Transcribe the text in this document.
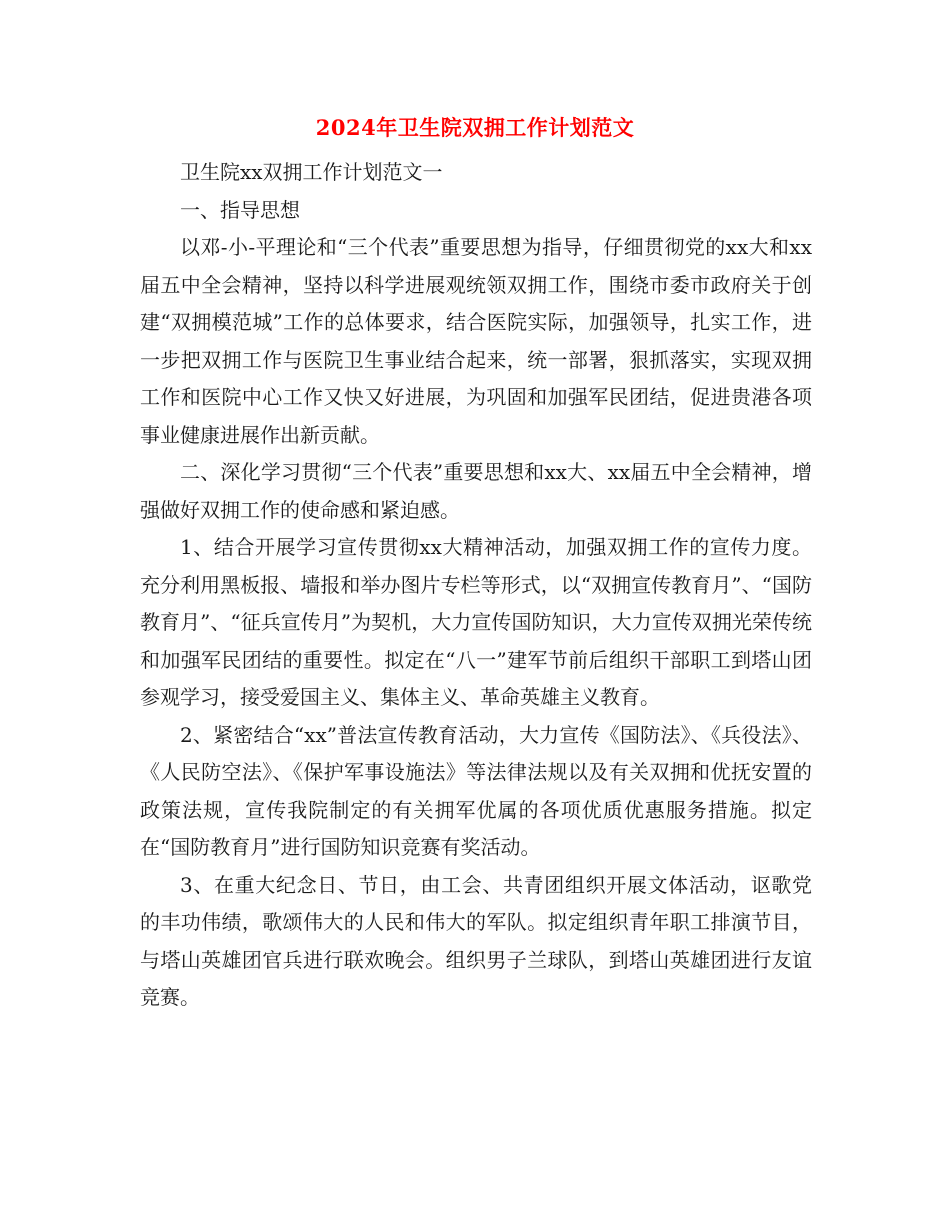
2024年卫生院双拥工作计划范文

卫生院xx双拥工作计划范文一

一、指导思想

以邓-小-平理论和“三个代表”重要思想为指导，仔细贯彻党的xx大和xx届五中全会精神，坚持以科学进展观统领双拥工作，围绕市委市政府关于创建“双拥模范城”工作的总体要求，结合医院实际，加强领导，扎实工作，进一步把双拥工作与医院卫生事业结合起来，统一部署，狠抓落实，实现双拥工作和医院中心工作又快又好进展，为巩固和加强军民团结，促进贵港各项事业健康进展作出新贡献。

二、深化学习贯彻“三个代表”重要思想和xx大、xx届五中全会精神，增强做好双拥工作的使命感和紧迫感。

1、结合开展学习宣传贯彻xx大精神活动，加强双拥工作的宣传力度。充分利用黑板报、墙报和举办图片专栏等形式，以“双拥宣传教育月”、“国防教育月”、“征兵宣传月”为契机，大力宣传国防知识，大力宣传双拥光荣传统和加强军民团结的重要性。拟定在“八一”建军节前后组织干部职工到塔山团参观学习，接受爱国主义、集体主义、革命英雄主义教育。

2、紧密结合“xx”普法宣传教育活动，大力宣传《国防法》、《兵役法》、《人民防空法》、《保护军事设施法》等法律法规以及有关双拥和优抚安置的政策法规，宣传我院制定的有关拥军优属的各项优质优惠服务措施。拟定在“国防教育月”进行国防知识竞赛有奖活动。

3、在重大纪念日、节日，由工会、共青团组织开展文体活动，讴歌党的丰功伟绩，歌颂伟大的人民和伟大的军队。拟定组织青年职工排演节目，与塔山英雄团官兵进行联欢晚会。组织男子兰球队，到塔山英雄团进行友谊竞赛。
